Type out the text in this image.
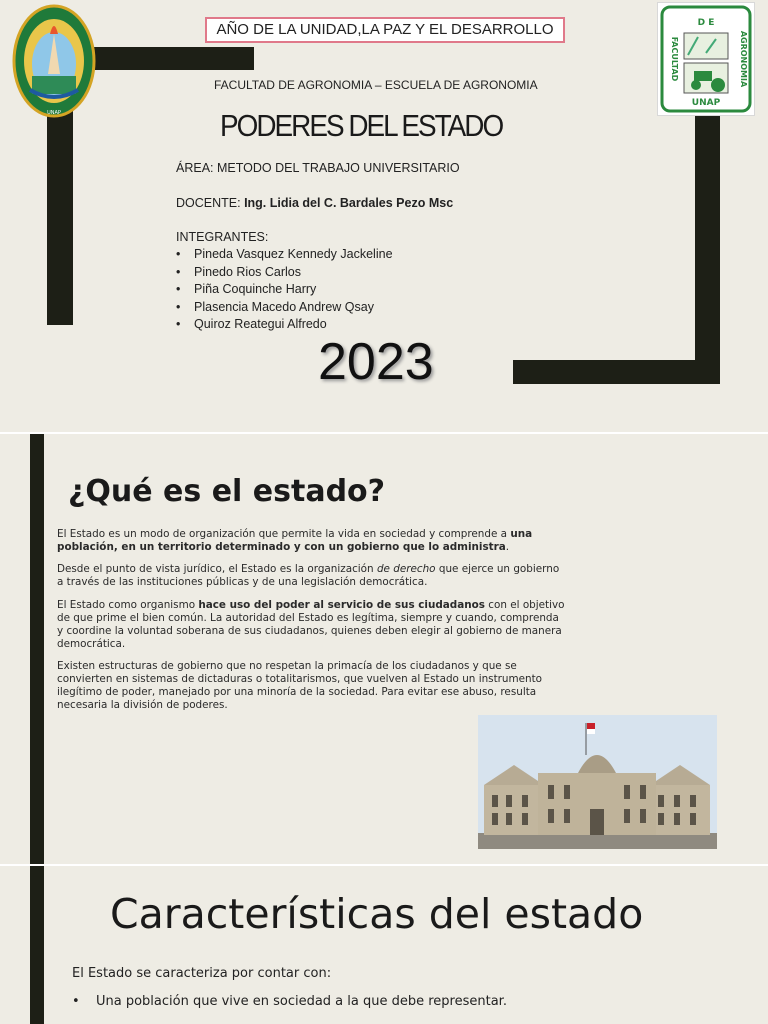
UNAP
D E
UNAP
FACULTAD	AGRONOMIA
AÑO DE LA UNIDAD,LA PAZ Y EL DESARROLLO
FACULTAD DE AGRONOMIA – ESCUELA DE AGRONOMIA
PODERES DEL ESTADO
ÁREA: METODO DEL TRABAJO UNIVERSITARIO
DOCENTE: Ing. Lidia del C. Bardales Pezo Msc
INTEGRANTES:
• Pineda Vasquez Kennedy Jackeline
• Pinedo Rios Carlos
• Piña Coquinche Harry
• Plasencia Macedo Andrew Qsay
• Quiroz Reategui Alfredo
2023
¿Qué es el estado?

El Estado es un modo de organización que permite la vida en sociedad y comprende a una población, en un territorio determinado y con un gobierno que lo administra.

Desde el punto de vista jurídico, el Estado es la organización de derecho que ejerce un gobierno a través de las instituciones públicas y de una legislación democrática.

El Estado como organismo hace uso del poder al servicio de sus ciudadanos con el objetivo de que prime el bien común. La autoridad del Estado es legítima, siempre y cuando, comprenda y coordine la voluntad soberana de sus ciudadanos, quienes deben elegir al gobierno de manera democrática.

Existen estructuras de gobierno que no respetan la primacía de los ciudadanos y que se convierten en sistemas de dictaduras o totalitarismos, que vuelven al Estado un instrumento ilegítimo de poder, manejado por una minoría de la sociedad. Para evitar ese abuso, resulta necesaria la división de poderes.

Características del estado
El Estado se caracteriza por contar con:
• Una población que vive en sociedad a la que debe representar.
